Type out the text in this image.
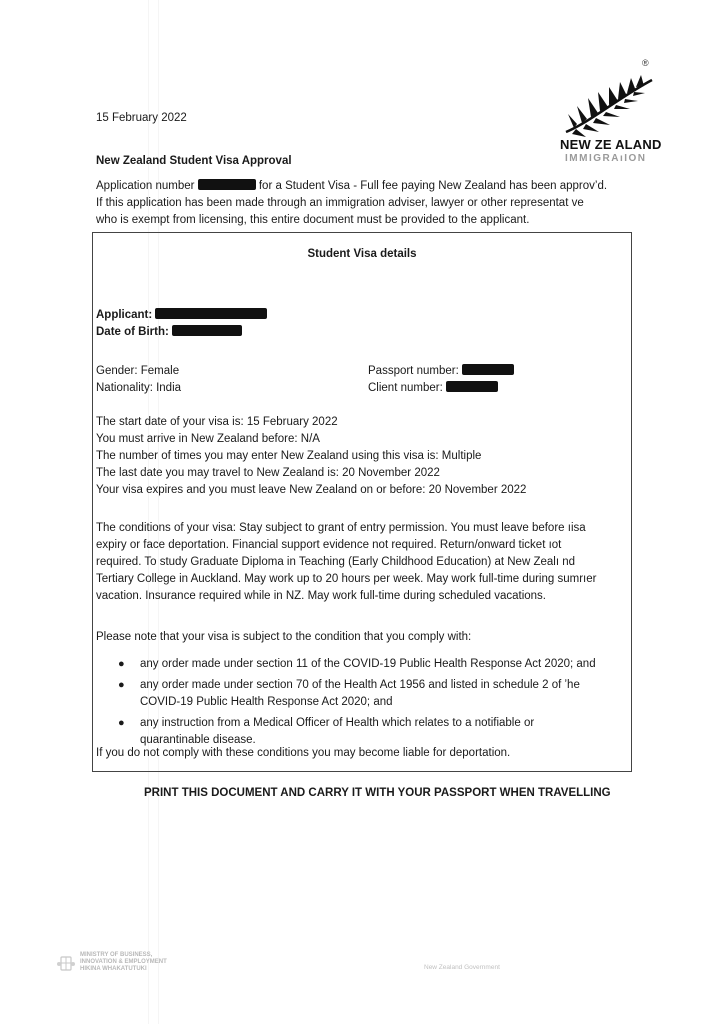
®
NEW ZE ALAND
IMMIGRAıION
15 February 2022
New Zealand Student Visa Approval
Application number	for a Student Visa - Full fee paying New Zealand has been approv’d.
If this application has been made through an immigration adviser, lawyer or other representat ve
who is exempt from licensing, this entire document must be provided to the applicant.
Student Visa details
Applicant:
Date of Birth:
Gender: Female
Nationality: India
Passport number:
Client number:
The start date of your visa is: 15 February 2022
You must arrive in New Zealand before: N/A
The number of times you may enter New Zealand using this visa is: Multiple
The last date you may travel to New Zealand is: 20 November 2022
Your visa expires and you must leave New Zealand on or before: 20 November 2022
The conditions of your visa: Stay subject to grant of entry permission. You must leave before ıisa
expiry or face deportation. Financial support evidence not required. Return/onward ticket ıot
required. To study Graduate Diploma in Teaching (Early Childhood Education) at New Zealı nd
Tertiary College in Auckland. May work up to 20 hours per week. May work full-time during sumrıer
vacation. Insurance required while in NZ. May work full-time during scheduled vacations.
Please note that your visa is subject to the condition that you comply with:
● any order made under section 11 of the COVID-19 Public Health Response Act 2020; and
● any order made under section 70 of the Health Act 1956 and listed in schedule 2 of ʼhe
COVID-19 Public Health Response Act 2020; and
● any instruction from a Medical Officer of Health which relates to a notifiable or
quarantinable disease.
If you do not comply with these conditions you may become liable for deportation.
PRINT THIS DOCUMENT AND CARRY IT WITH YOUR PASSPORT WHEN TRAVELLING
MINISTRY OF BUSINESS,
INNOVATION & EMPLOYMENT
HIKINA WHAKATUTUKI	New Zealand Government
